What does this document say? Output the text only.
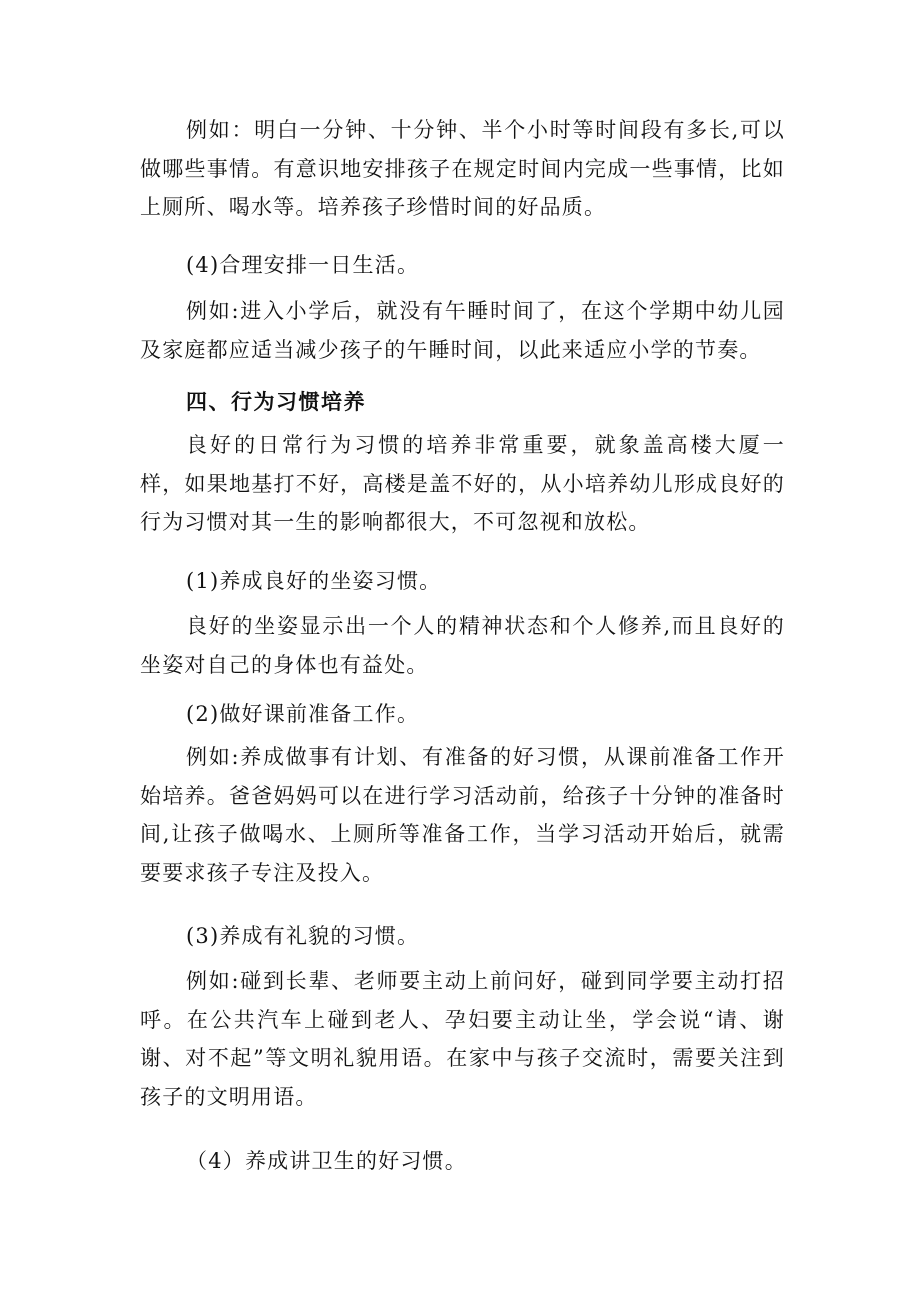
例如：明白一分钟、十分钟、半个小时等时间段有多长,可以做哪些事情。有意识地安排孩子在规定时间内完成一些事情，比如上厕所、喝水等。培养孩子珍惜时间的好品质。

(4)合理安排一日生活。

例如:进入小学后，就没有午睡时间了，在这个学期中幼儿园及家庭都应适当减少孩子的午睡时间，以此来适应小学的节奏。

四、行为习惯培养

良好的日常行为习惯的培养非常重要，就象盖高楼大厦一样，如果地基打不好，高楼是盖不好的，从小培养幼儿形成良好的行为习惯对其一生的影响都很大，不可忽视和放松。

(1)养成良好的坐姿习惯。

良好的坐姿显示出一个人的精神状态和个人修养,而且良好的坐姿对自己的身体也有益处。

(2)做好课前准备工作。

例如:养成做事有计划、有准备的好习惯，从课前准备工作开始培养。爸爸妈妈可以在进行学习活动前，给孩子十分钟的准备时间,让孩子做喝水、上厕所等准备工作，当学习活动开始后，就需要要求孩子专注及投入。

(3)养成有礼貌的习惯。

例如:碰到长辈、老师要主动上前问好，碰到同学要主动打招呼。在公共汽车上碰到老人、孕妇要主动让坐，学会说“请、谢谢、对不起”等文明礼貌用语。在家中与孩子交流时，需要关注到孩子的文明用语。

（4）养成讲卫生的好习惯。
